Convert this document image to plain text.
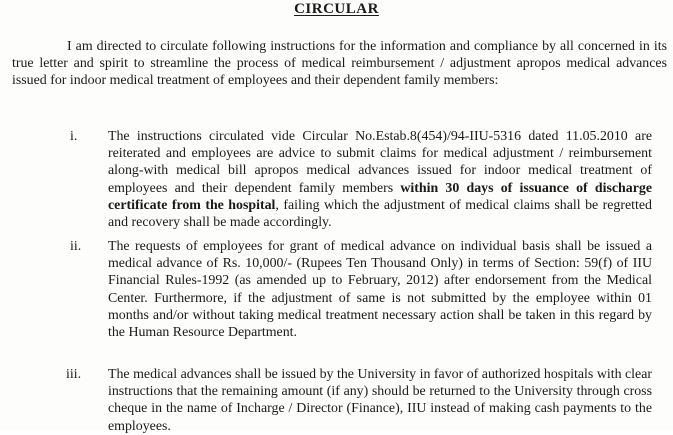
CIRCULAR

I am directed to circulate following instructions for the information and compliance by all concerned in its true letter and spirit to streamline the process of medical reimbursement / adjustment apropos medical advances issued for indoor medical treatment of employees and their dependent family members:

i. The instructions circulated vide Circular No.Estab.8(454)/94-IIU-5316 dated 11.05.2010 are reiterated and employees are advice to submit claims for medical adjustment / reimbursement along-with medical bill apropos medical advances issued for indoor medical treatment of employees and their dependent family members within 30 days of issuance of discharge certificate from the hospital, failing which the adjustment of medical claims shall be regretted and recovery shall be made accordingly.

ii. The requests of employees for grant of medical advance on individual basis shall be issued a medical advance of Rs. 10,000/- (Rupees Ten Thousand Only) in terms of Section: 59(f) of IIU Financial Rules-1992 (as amended up to February, 2012) after endorsement from the Medical Center. Furthermore, if the adjustment of same is not submitted by the employee within 01 months and/or without taking medical treatment necessary action shall be taken in this regard by the Human Resource Department.

iii. The medical advances shall be issued by the University in favor of authorized hospitals with clear instructions that the remaining amount (if any) should be returned to the University through cross cheque in the name of Incharge / Director (Finance), IIU instead of making cash payments to the employees.
